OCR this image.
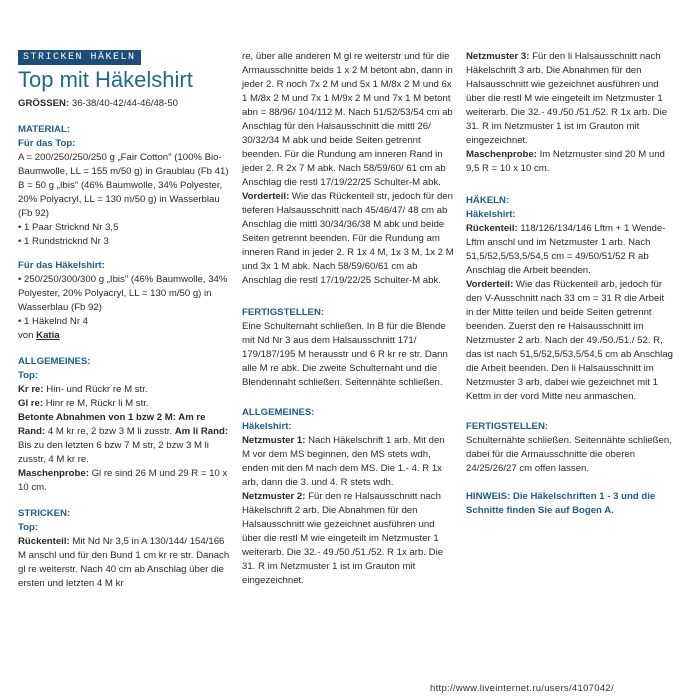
STRICKEN HÄKELN
Top mit Häkelshirt

GRÖSSEN: 36-38/40-42/44-46/48-50

MATERIAL:
Für das Top:

A = 200/250/250/250 g „Fair Cotton" (100% Bio-Baumwolle, LL = 155 m/50 g) in Graublau (Fb 41)

B = 50 g „Ibis" (46% Baumwolle, 34% Polyester, 20% Polyacryl, LL = 130 m/50 g) in Wasserblau (Fb 92)

• 1 Paar Stricknd Nr 3,5

• 1 Rundstricknd Nr 3

Für das Häkelshirt:

• 250/250/300/300 g „Ibis" (46% Baumwolle, 34% Polyester, 20% Polyacryl, LL = 130 m/50 g) in Wasserblau (Fb 92)

• 1 Häkelnd Nr 4

von Katia

ALLGEMEINES:
Top:

Kr re: Hin- und Rückr re M str.

Gl re: Hinr re M, Rückr li M str.

Betonte Abnahmen von 1 bzw 2 M: Am re Rand: 4 M kr re, 2 bzw 3 M li zusstr. Am li Rand: Bis zu den letzten 6 bzw 7 M str, 2 bzw 3 M li zusstr, 4 M kr re.

Maschenprobe: Gl re sind 26 M und 29 R = 10 x 10 cm.

STRICKEN:
Top:

Rückenteil: Mit Nd Nr 3,5 in A 130/144/ 154/166 M anschl und für den Bund 1 cm kr re str. Danach gl re weiterstr. Nach 40 cm ab Anschlag über die ersten und letzten 4 M kr

re, über alle anderen M gl re weiterstr und für die Armausschnitte beids 1 x 2 M betont abn, dann in jeder 2. R noch 7x 2 M und 5x 1 M/8x 2 M und 6x 1 M/8x 2 M und 7x 1 M/9x 2 M und 7x 1 M betont abn = 88/96/ 104/112 M. Nach 51/52/53/54 cm ab Anschlag für den Halsausschnitt die mittl 26/ 30/32/34 M abk und beide Seiten getrennt beenden. Für die Rundung am inneren Rand in jeder 2. R 2x 7 M abk. Nach 58/59/60/ 61 cm ab Anschlag die restl 17/19/22/25 Schulter-M abk.

Vorderteil: Wie das Rückenteil str, jedoch für den tieferen Halsausschnitt nach 45/46/47/ 48 cm ab Anschlag die mittl 30/34/36/38 M abk und beide Seiten getrennt beenden. Für die Rundung am inneren Rand in jeder 2. R 1x 4 M, 1x 3 M, 1x 2 M und 3x 1 M abk. Nach 58/59/60/61 cm ab Anschlag die restl 17/19/22/25 Schulter-M abk.

FERTIGSTELLEN:

Eine Schulternaht schließen. In B für die Blende mit Nd Nr 3 aus dem Halsausschnitt 171/ 179/187/195 M herausstr und 6 R kr re str. Dann alle M re abk. Die zweite Schulternaht und die Blendennaht schließen. Seitennähte schließen.

ALLGEMEINES:
Häkelshirt:

Netzmuster 1: Nach Häkelschrift 1 arb. Mit den M vor dem MS beginnen, den MS stets wdh, enden mit den M nach dem MS. Die 1.- 4. R 1x arb, dann die 3. und 4. R stets wdh.

Netzmuster 2: Für den re Halsausschnitt nach Häkelschrift 2 arb. Die Abnahmen für den Halsausschnitt wie gezeichnet ausführen und über die restl M wie eingeteilt im Netzmuster 1 weiterarb. Die 32.- 49./50./51./52. R 1x arb. Die 31. R im Netzmuster 1 ist im Grauton mit eingezeichnet.

Netzmuster 3: Für den li Halsausschnitt nach Häkelschrift 3 arb. Die Abnahmen für den Halsausschnitt wie gezeichnet ausführen und über die restl M wie eingeteilt im Netzmuster 1 weiterarb. Die 32.- 49./50./51./52. R 1x arb. Die 31. R im Netzmuster 1 ist im Grauton mit eingezeichnet.

Maschenprobe: Im Netzmuster sind 20 M und 9,5 R = 10 x 10 cm.

HÄKELN:
Häkelshirt:

Rückenteil: 118/126/134/146 Lftm + 1 Wende-Lftm anschl und im Netzmuster 1 arb. Nach 51,5/52,5/53,5/54,5 cm = 49/50/51/52 R ab Anschlag die Arbeit beenden.

Vorderteil: Wie das Rückenteil arb, jedoch für den V-Ausschnitt nach 33 cm = 31 R die Arbeit in der Mitte teilen und beide Seiten getrennt beenden. Zuerst den re Halsausschnitt im Netzmuster 2 arb. Nach der 49./50./51./ 52. R, das ist nach 51,5/52,5/53,5/54,5 cm ab Anschlag die Arbeit beenden. Den li Halsausschnitt im Netzmuster 3 arb, dabei wie gezeichnet mit 1 Kettm in der vord Mitte neu anmaschen.

FERTIGSTELLEN:

Schulternähte schließen. Seitennähte schließen, dabei für die Armausschnitte die oberen 24/25/26/27 cm offen lassen.

HINWEIS: Die Häkelschriften 1 - 3 und die Schnitte finden Sie auf Bogen A.

http://www.liveinternet.ru/users/4107042/
